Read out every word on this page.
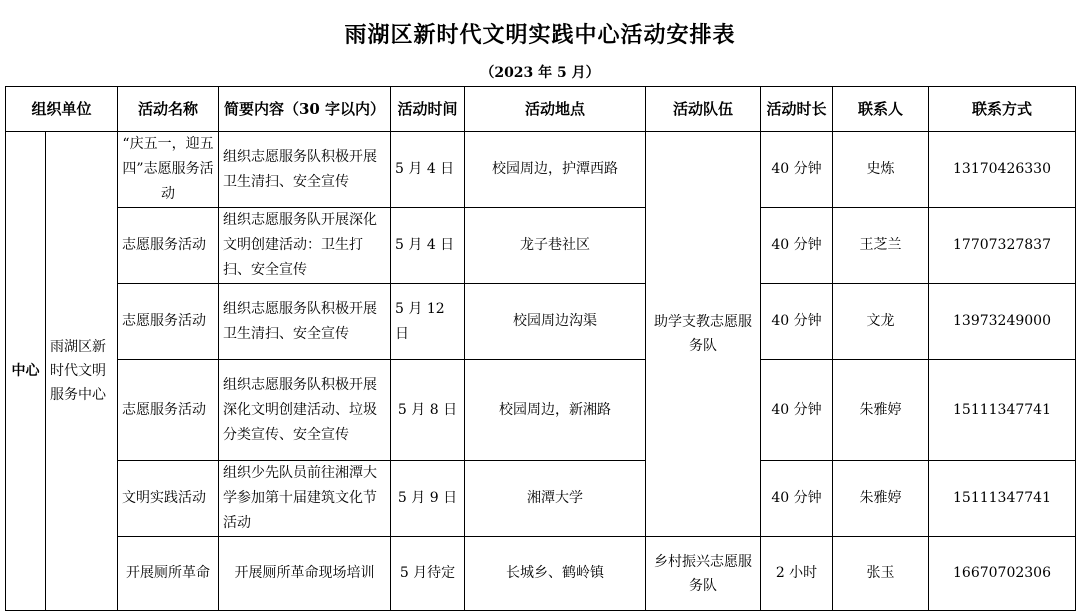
雨湖区新时代文明实践中心活动安排表
（2023 年 5 月）
组织单位		活动名称	简要内容（30 字以内）	活动时间	活动地点	活动队伍	活动时长	联系人	联系方式
中心	雨湖区新时代文明服务中心	“庆五一，迎五四”志愿服务活动	组织志愿服务队积极开展卫生清扫、安全宣传	5 月 4 日	校园周边，护潭西路	助学支教志愿服务队	40 分钟	史炼	13170426330
		志愿服务活动	组织志愿服务队开展深化文明创建活动：卫生打扫、安全宣传	5 月 4 日	龙子巷社区		40 分钟	王芝兰	17707327837
		志愿服务活动	组织志愿服务队积极开展卫生清扫、安全宣传	5 月 12 日	校园周边沟渠		40 分钟	文龙	13973249000
		志愿服务活动	组织志愿服务队积极开展深化文明创建活动、垃圾分类宣传、安全宣传	5 月 8 日	校园周边，新湘路		40 分钟	朱雅婷	15111347741
		文明实践活动	组织少先队员前往湘潭大学参加第十届建筑文化节活动	5 月 9 日	湘潭大学		40 分钟	朱雅婷	15111347741
		开展厕所革命	开展厕所革命现场培训	5 月待定	长城乡、鹤岭镇	乡村振兴志愿服务队	2 小时	张玉	16670702306
